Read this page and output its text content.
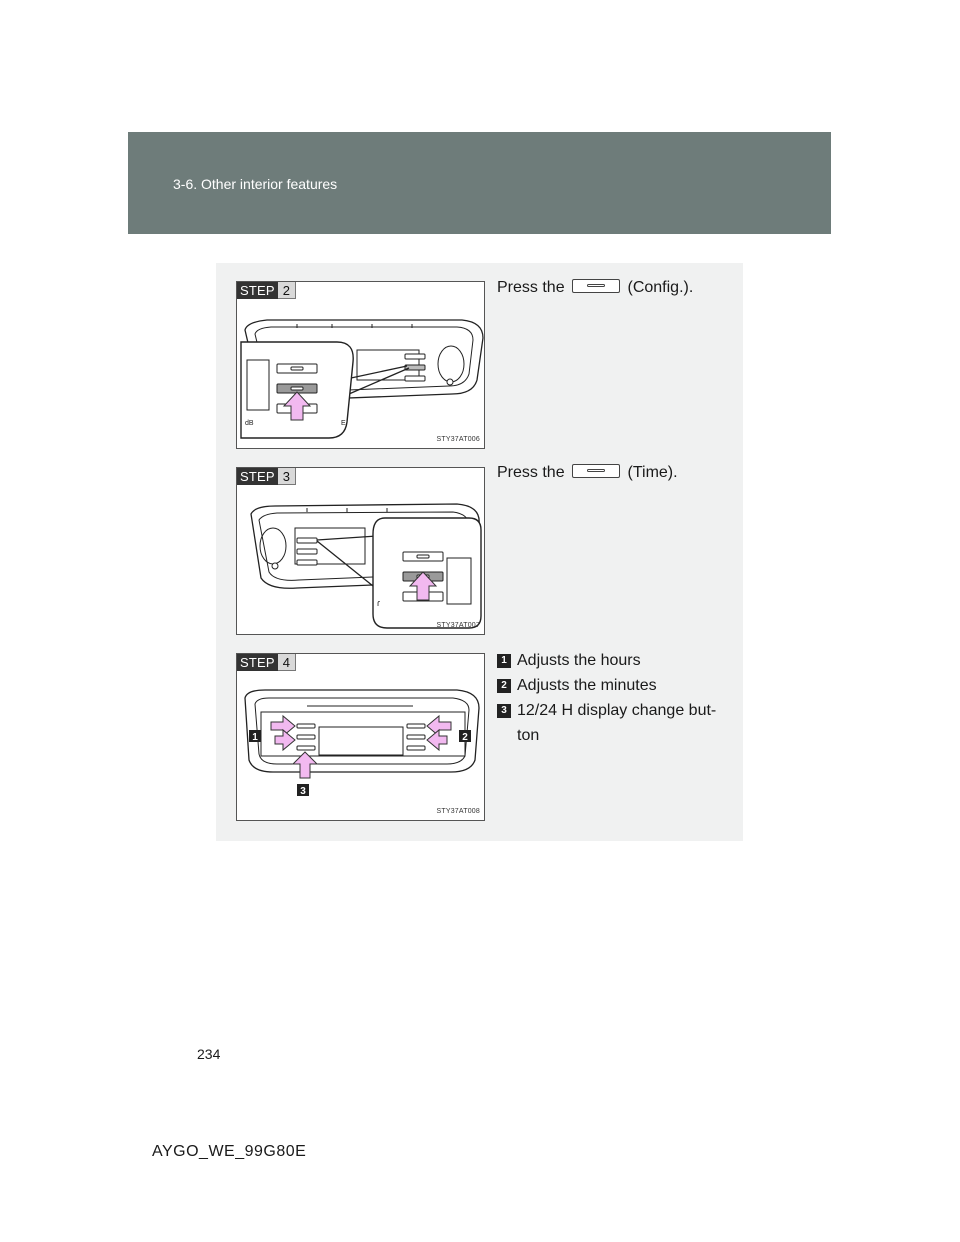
3-6. Other interior features
dB	E
STEP 2
STY37AT006
Press the	(Config.).
ɾ
STEP 3
STY37AT007
Press the	(Time).
1	2
3
STEP 4
STY37AT008
1 Adjusts the hours
2 Adjusts the minutes
3 12/24 H display change but-
ton
234
AYGO_WE_99G80E
